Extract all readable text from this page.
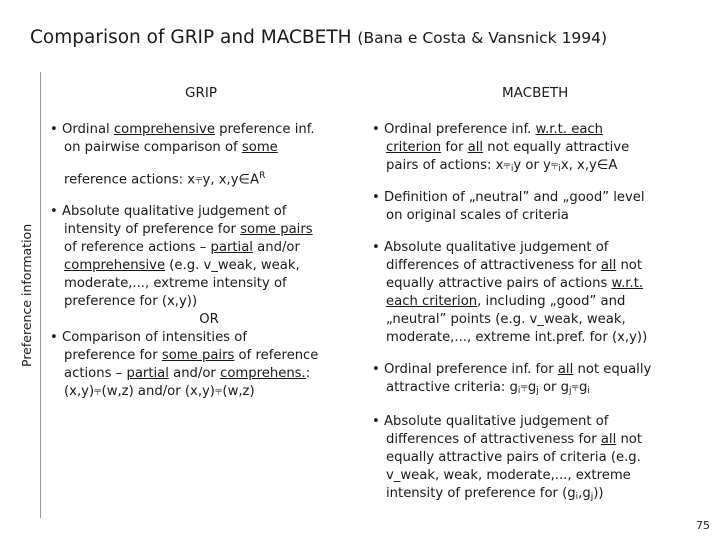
Comparison of GRIP and MACBETH (Bana e Costa & Vansnick 1994)
Preference information
GRIP	MACBETH
• Ordinal comprehensive preference inf.
on pairwise comparison of some
reference actions: x⫧y, $x,y\in A^R$
• Absolute qualitative judgement of
intensity of preference for some pairs
of reference actions – partial and/or
comprehensive (e.g. v_weak, weak,
moderate,..., extreme intensity of
preference for (x,y))
OR
• Comparison of intensities of
preference for some pairs of reference
actions – partial and/or comprehens.:
(x,y)⫧(w,z) and/or (x,y)⫧(w,z)
• Ordinal preference inf. w.r.t. each
criterion for all not equally attractive
pairs of actions: $x⫧_iy$ or $y⫧_ix$, x,y∈A
• Definition of „neutral” and „good” level
on original scales of criteria
• Absolute qualitative judgement of
differences of attractiveness for all not
equally attractive pairs of actions w.r.t.
each criterion, including „good” and
„neutral” points (e.g. v_weak, weak,
moderate,..., extreme int.pref. for (x,y))
• Ordinal preference inf. for all not equally
attractive criteria: $g_i⫧g_j$ or $g_j⫧g_i$
• Absolute qualitative judgement of
differences of attractiveness for all not
equally attractive pairs of criteria (e.g.
v_weak, weak, moderate,..., extreme
intensity of preference for $(g_i,g_j)$)
75
